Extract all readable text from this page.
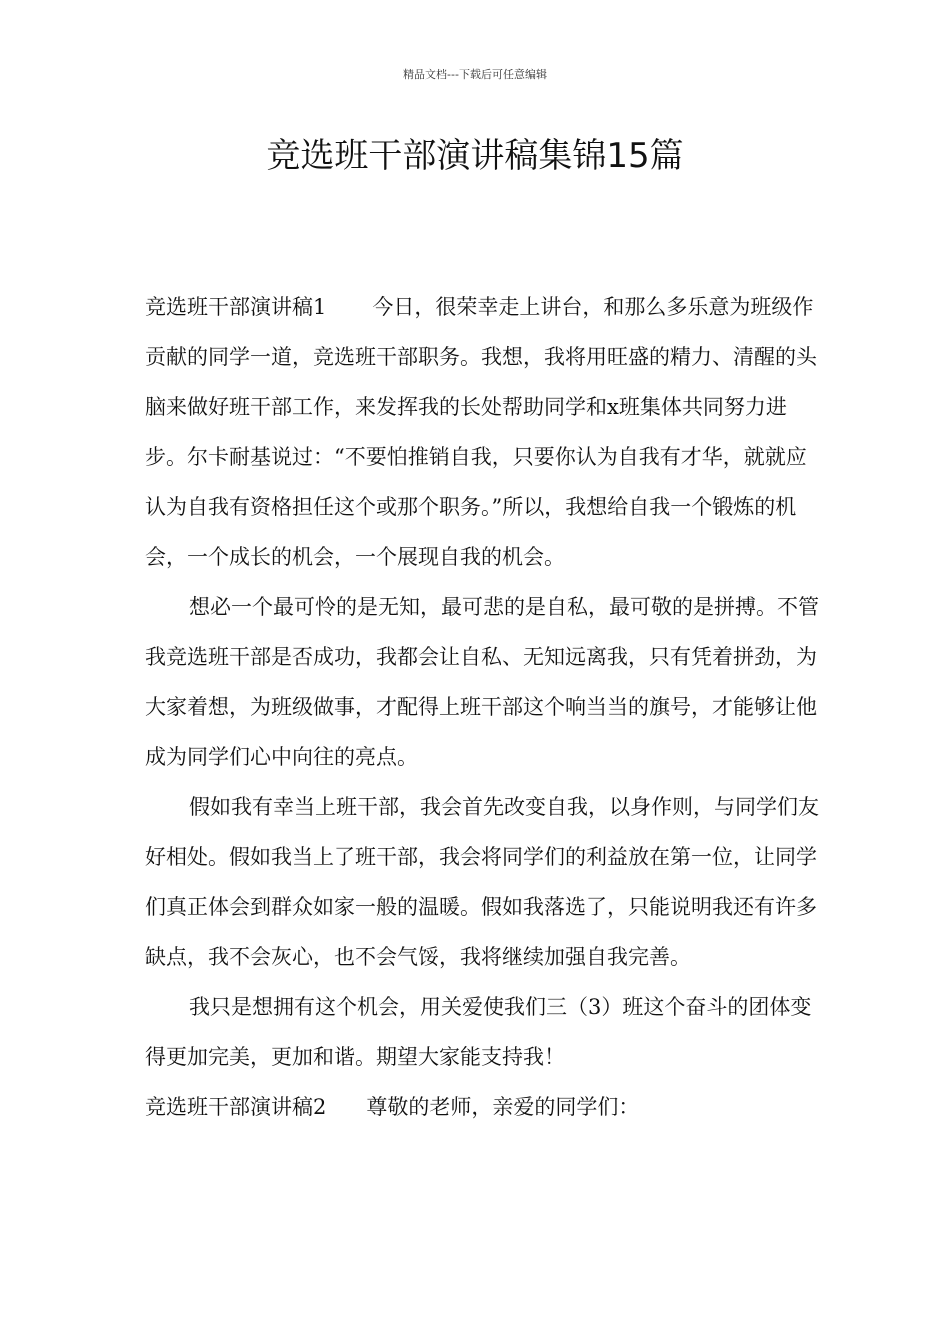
精品文档---下载后可任意编辑
竞选班干部演讲稿集锦15篇

竞选班干部演讲稿1 今日，很荣幸走上讲台，和那么多乐意为班级作贡献的同学一道，竞选班干部职务。我想，我将用旺盛的精力、清醒的头脑来做好班干部工作，来发挥我的长处帮助同学和x班集体共同努力进步。尔卡耐基说过：“不要怕推销自我，只要你认为自我有才华，就就应认为自我有资格担任这个或那个职务。”所以，我想给自我一个锻炼的机会，一个成长的机会，一个展现自我的机会。

想必一个最可怜的是无知，最可悲的是自私，最可敬的是拼搏。不管我竞选班干部是否成功，我都会让自私、无知远离我，只有凭着拼劲，为大家着想，为班级做事，才配得上班干部这个响当当的旗号，才能够让他成为同学们心中向往的亮点。

假如我有幸当上班干部，我会首先改变自我，以身作则，与同学们友好相处。假如我当上了班干部，我会将同学们的利益放在第一位，让同学们真正体会到群众如家一般的温暖。假如我落选了，只能说明我还有许多缺点，我不会灰心，也不会气馁，我将继续加强自我完善。

我只是想拥有这个机会，用关爱使我们三（3）班这个奋斗的团体变得更加完美，更加和谐。期望大家能支持我！

竞选班干部演讲稿2 尊敬的老师，亲爱的同学们：
